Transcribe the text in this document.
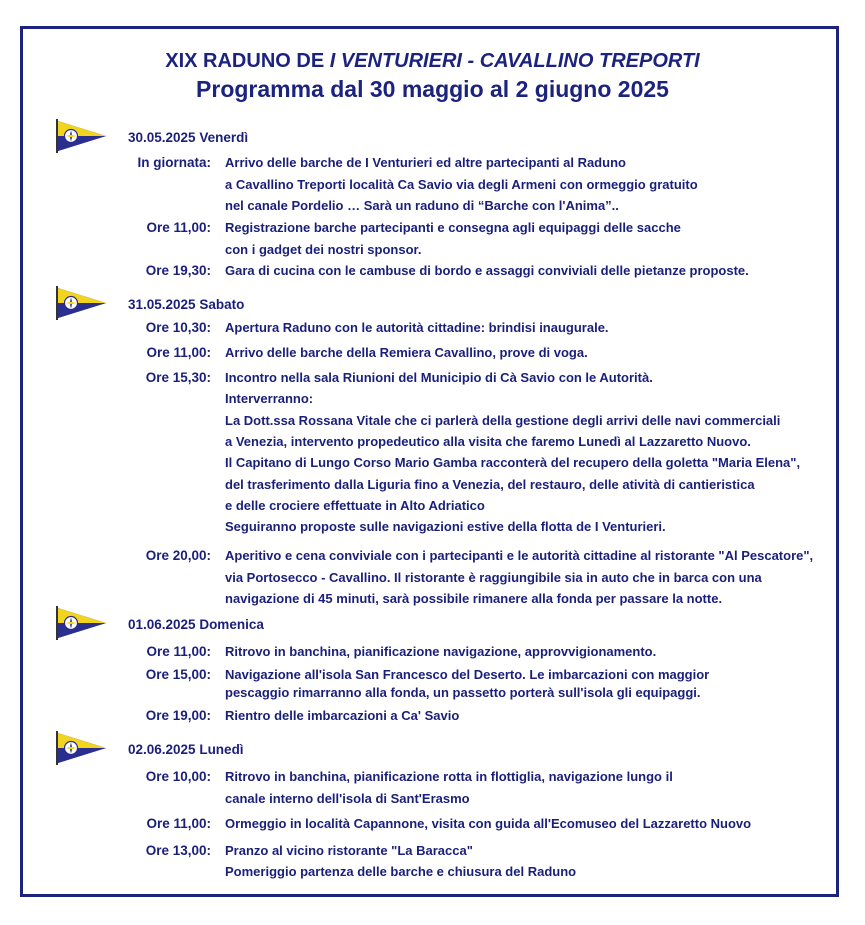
XIX RADUNO DE I VENTURIERI - CAVALLINO TREPORTI
Programma dal 30 maggio al 2 giugno 2025
30.05.2025 Venerdì
In giornata: Arrivo delle barche de I Venturieri ed altre partecipanti al Raduno
a Cavallino Treporti località Ca Savio via degli Armeni con ormeggio gratuito
nel canale Pordelio … Sarà un raduno di “Barche con l'Anima”..
Ore 11,00: Registrazione barche partecipanti e consegna agli equipaggi delle sacche
con i gadget dei nostri sponsor.
Ore 19,30: Gara di cucina con le cambuse di bordo e assaggi conviviali delle pietanze proposte.
31.05.2025 Sabato
Ore 10,30: Apertura Raduno con le autorità cittadine: brindisi inaugurale.
Ore 11,00: Arrivo delle barche della Remiera Cavallino, prove di voga.
Ore 15,30: Incontro nella sala Riunioni del Municipio di Cà Savio con le Autorità.
Interverranno:
La Dott.ssa Rossana Vitale che ci parlerà della gestione degli arrivi delle navi commerciali
a Venezia, intervento propedeutico alla visita che faremo Lunedì al Lazzaretto Nuovo.
Il Capitano di Lungo Corso Mario Gamba racconterà del recupero della goletta "Maria Elena",
del trasferimento dalla Liguria fino a Venezia, del restauro, delle atività di cantieristica
e delle crociere effettuate in Alto Adriatico
Seguiranno proposte sulle navigazioni estive della flotta de I Venturieri.
Ore 20,00: Aperitivo e cena conviviale con i partecipanti e le autorità cittadine al ristorante "Al Pescatore",
via Portosecco - Cavallino. Il ristorante è raggiungibile sia in auto che in barca con una
navigazione di 45 minuti, sarà possibile rimanere alla fonda per passare la notte.
01.06.2025 Domenica
Ore 11,00: Ritrovo in banchina, pianificazione navigazione, approvvigionamento.
Ore 15,00: Navigazione all'isola San Francesco del Deserto. Le imbarcazioni con maggior
pescaggio rimarranno alla fonda, un passetto porterà sull'isola gli equipaggi.
Ore 19,00: Rientro delle imbarcazioni a Ca' Savio
02.06.2025 Lunedì
Ore 10,00: Ritrovo in banchina, pianificazione rotta in flottiglia, navigazione lungo il
canale interno dell'isola di Sant'Erasmo
Ore 11,00: Ormeggio in località Capannone, visita con guida all'Ecomuseo del Lazzaretto Nuovo
Ore 13,00: Pranzo al vicino ristorante "La Baracca"
Pomeriggio partenza delle barche e chiusura del Raduno
